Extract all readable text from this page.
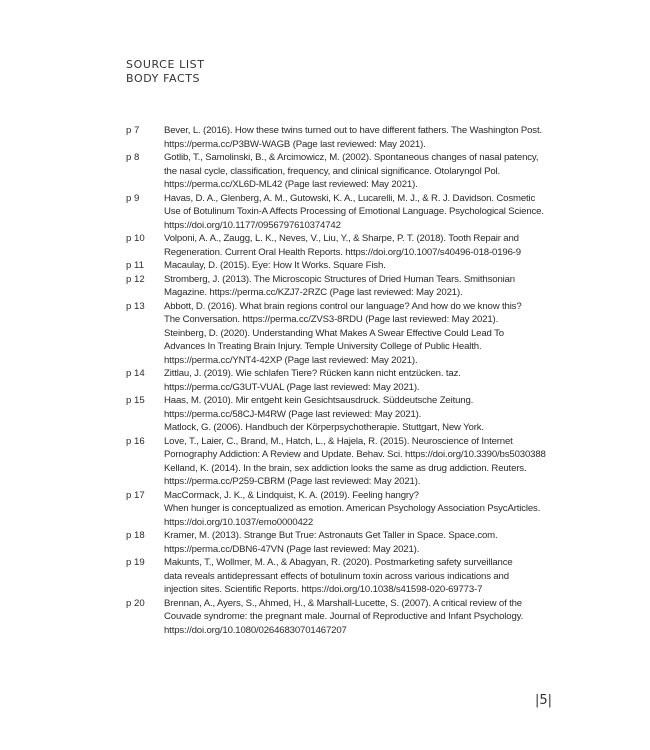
SOURCE LIST
BODY FACTS
p 7	Bever, L. (2016). How these twins turned out to have different fathers. The Washington Post.
https://perma.cc/P3BW-WAGB (Page last reviewed: May 2021).
p 8	Gotlib, T., Samolinski, B., & Arcimowicz, M. (2002). Spontaneous changes of nasal patency,
the nasal cycle, classification, frequency, and clinical significance. Otolaryngol Pol.
https://perma.cc/XL6D-ML42 (Page last reviewed: May 2021).
p 9	Havas, D. A., Glenberg, A. M., Gutowski, K. A., Lucarelli, M. J., & R. J. Davidson. Cosmetic
Use of Botulinum Toxin-A Affects Processing of Emotional Language. Psychological Science.
https://doi.org/10.1177/0956797610374742
p 10	Volponi, A. A., Zaugg, L. K., Neves, V., Liu, Y., & Sharpe, P. T. (2018). Tooth Repair and
Regeneration. Current Oral Health Reports. https://doi.org/10.1007/s40496-018-0196-9
p 11	Macaulay, D. (2015). Eye: How It Works. Square Fish.
p 12	Stromberg, J. (2013). The Microscopic Structures of Dried Human Tears. Smithsonian
Magazine. https://perma.cc/KZJ7-2RZC (Page last reviewed: May 2021).
p 13	Abbott, D. (2016). What brain regions control our language? And how do we know this?
The Conversation. https://perma.cc/ZVS3-8RDU (Page last reviewed: May 2021).
Steinberg, D. (2020). Understanding What Makes A Swear Effective Could Lead To
Advances In Treating Brain Injury. Temple University College of Public Health.
https://perma.cc/YNT4-42XP (Page last reviewed: May 2021).
p 14	Zittlau, J. (2019). Wie schlafen Tiere? Rücken kann nicht entzücken. taz.
https://perma.cc/G3UT-VUAL (Page last reviewed: May 2021).
p 15	Haas, M. (2010). Mir entgeht kein Gesichtsausdruck. Süddeutsche Zeitung.
https://perma.cc/58CJ-M4RW (Page last reviewed: May 2021).
Matlock, G. (2006). Handbuch der Körperpsychotherapie. Stuttgart, New York.
p 16	Love, T., Laier, C., Brand, M., Hatch, L., & Hajela, R. (2015). Neuroscience of Internet
Pornography Addiction: A Review and Update. Behav. Sci. https://doi.org/10.3390/bs5030388
Kelland, K. (2014). In the brain, sex addiction looks the same as drug addiction. Reuters.
https://perma.cc/P259-CBRM (Page last reviewed: May 2021).
p 17	MacCormack, J. K., & Lindquist, K. A. (2019). Feeling hangry?
When hunger is conceptualized as emotion. American Psychology Association PsycArticles.
https://doi.org/10.1037/emo0000422
p 18	Kramer, M. (2013). Strange But True: Astronauts Get Taller in Space. Space.com.
https://perma.cc/DBN6-47VN (Page last reviewed: May 2021).
p 19	Makunts, T., Wollmer, M. A., & Abagyan, R. (2020). Postmarketing safety surveillance
data reveals antidepressant effects of botulinum toxin across various indications and
injection sites. Scientific Reports. https://doi.org/10.1038/s41598-020-69773-7
p 20	Brennan, A., Ayers, S., Ahmed, H., & Marshall-Lucette, S. (2007). A critical review of the
Couvade syndrome: the pregnant male. Journal of Reproductive and Infant Psychology.
https://doi.org/10.1080/02646830701467207
|5|
